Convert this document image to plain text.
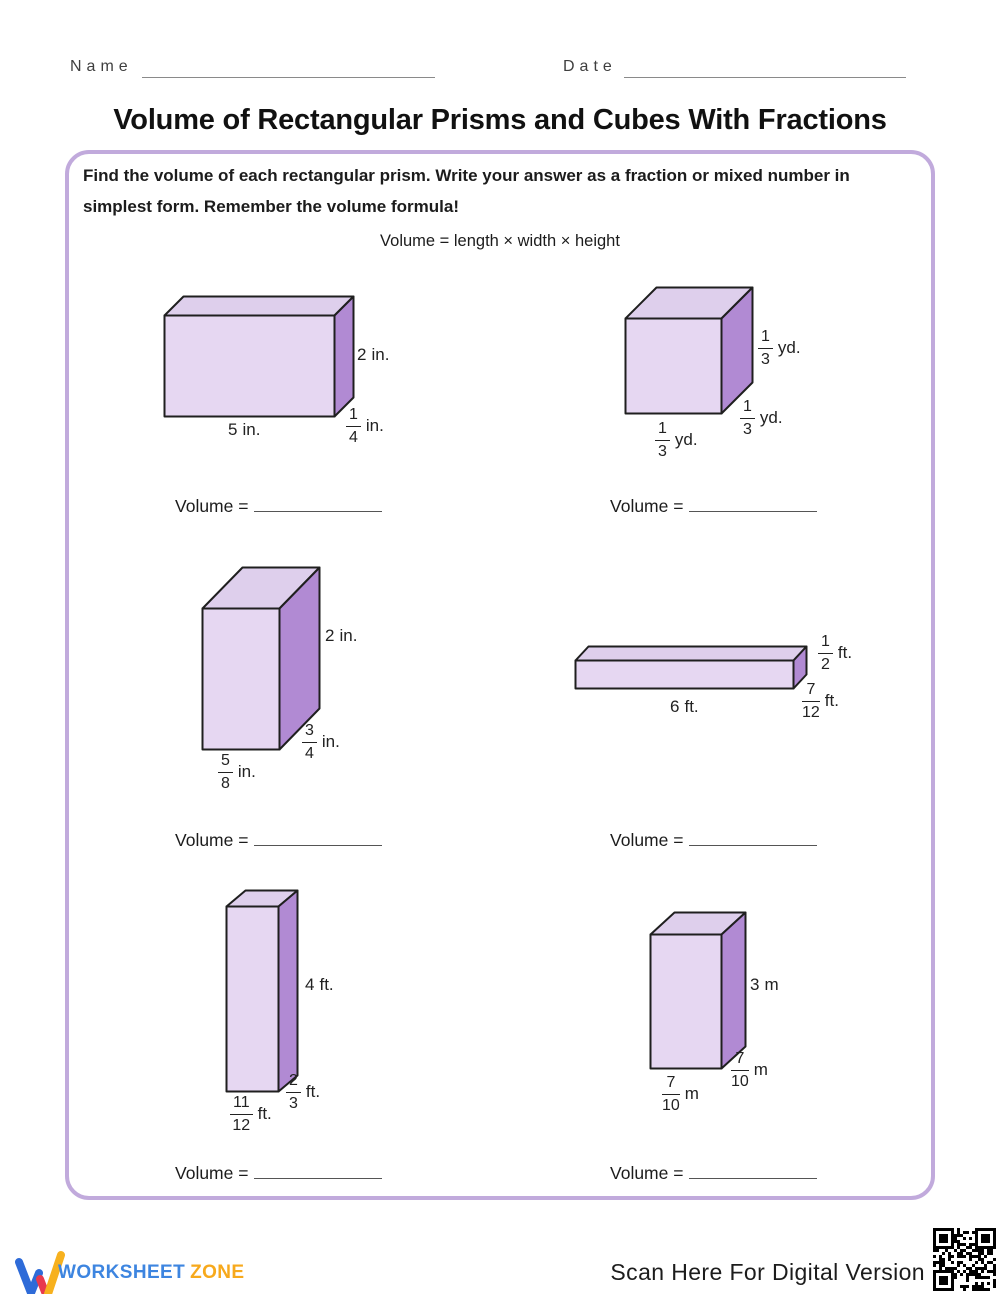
Name	Date
Volume of Rectangular Prisms and Cubes With Fractions

Find the volume of each rectangular prism. Write your answer as a fraction or mixed number in simplest form. Remember the volume formula!

Volume = length × width × height

2 in.
5 in.	$\frac{1}{4}$ in.
$\frac{1}{3}$ yd.
$\frac{1}{3}$ yd.
$\frac{1}{3}$ yd.
Volume =	Volume =
2 in.
$\frac{3}{4}$ in.
$\frac{5}{8}$ in.
$\frac{1}{2}$ ft.
6 ft.	$\frac{7}{12}$ ft.
Volume =	Volume =
4 ft.
$\frac{2}{3}$ ft.
$\frac{11}{12}$ ft.
3 m
$\frac{7}{10}$ m
$\frac{7}{10}$ m
Volume =	Volume =
WORKSHEET ZONE	Scan Here For Digital Version
